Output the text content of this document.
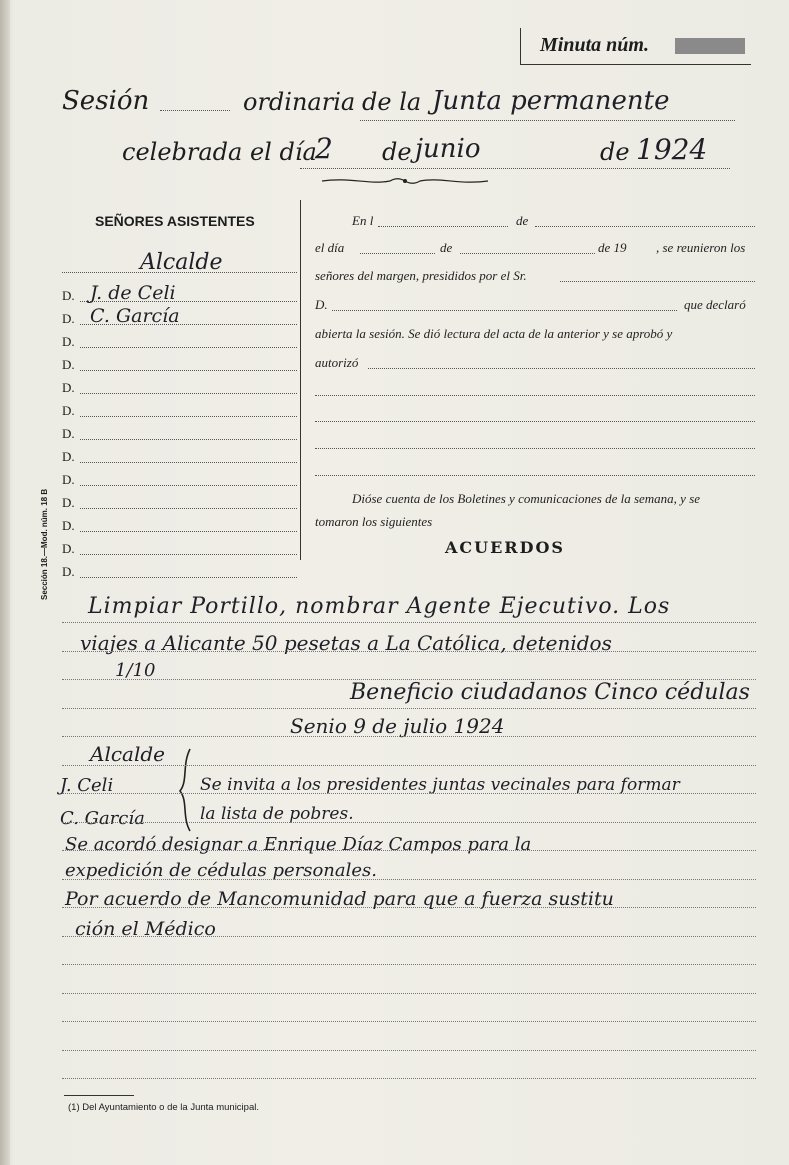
Minuta núm.
Sesión	ordinaria de la Junta permanente
celebrada el día
2 de junio	de 1924
SEÑORES ASISTENTES
Alcalde
Sección 18.—Mod. núm. 18 B
En l	de
el día	de	de 19 , se reunieron los
señores del margen, presididos por el Sr.
D.	que declaró
abierta la sesión. Se dió lectura del acta de la anterior y se aprobó y
autorizó
Dióse cuenta de los Boletines y comunicaciones de la semana, y se
tomaron los siguientes
ACUERDOS
Limpiar Portillo, nombrar Agente Ejecutivo. Los
viajes a Alicante 50 pesetas a La Católica, detenidos
1/10
Beneficio ciudadanos Cinco cédulas
Senio 9 de julio 1924
Alcalde
J. Celi
C. García
Se invita a los presidentes juntas vecinales para formar
la lista de pobres.
Se acordó designar a Enrique Díaz Campos para la
expedición de cédulas personales.
Por acuerdo de Mancomunidad para que a fuerza sustitu
ción el Médico
(1) Del Ayuntamiento o de la Junta municipal.
D. J. de Celi
D. C. García
D.
D.
D.
D.
D.
D.
D.
D.
D.
D.
D.
